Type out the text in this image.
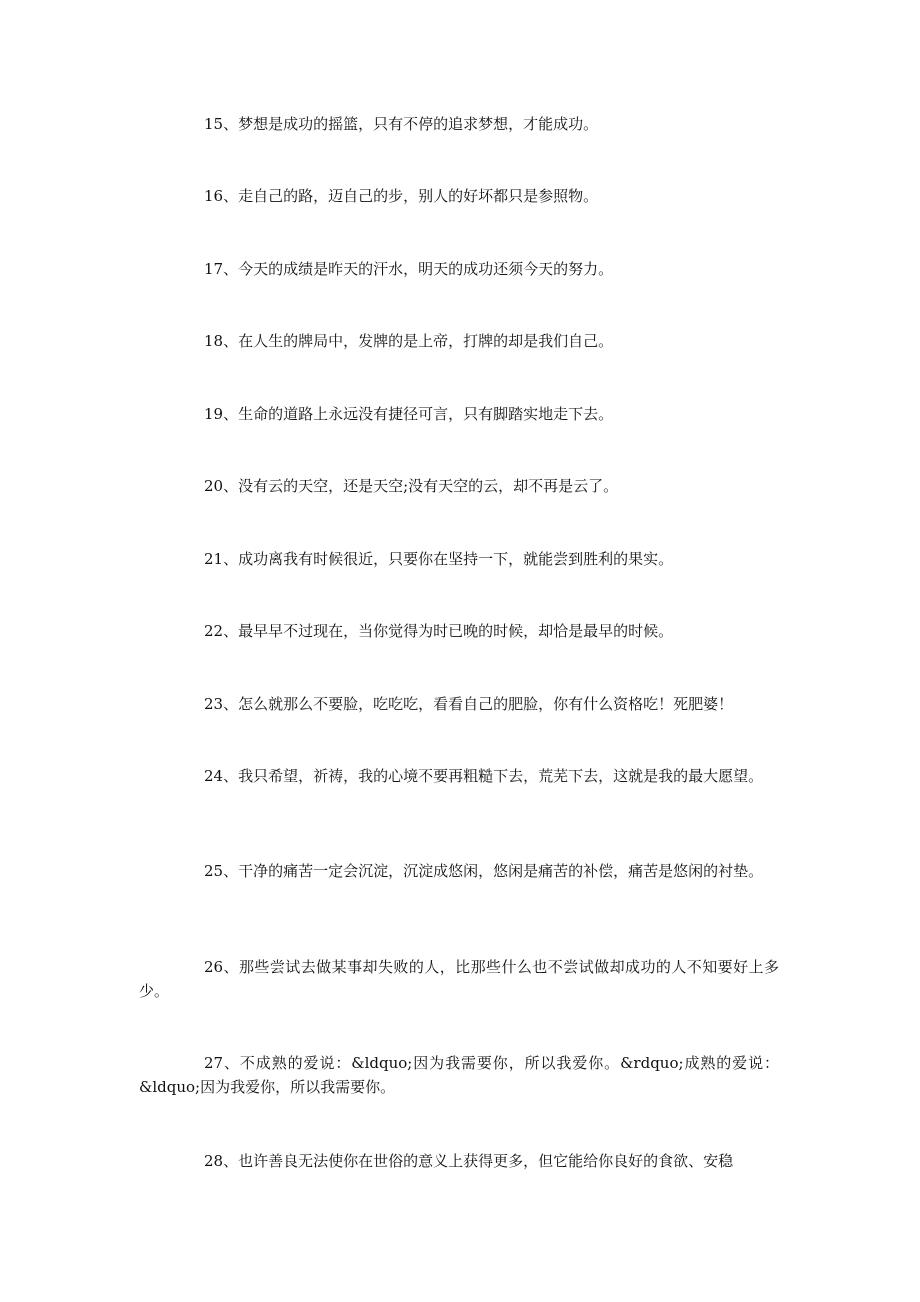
15、梦想是成功的摇篮，只有不停的追求梦想，才能成功。

16、走自己的路，迈自己的步，别人的好坏都只是参照物。

17、今天的成绩是昨天的汗水，明天的成功还须今天的努力。

18、在人生的牌局中，发牌的是上帝，打牌的却是我们自己。

19、生命的道路上永远没有捷径可言，只有脚踏实地走下去。

20、没有云的天空，还是天空;没有天空的云，却不再是云了。

21、成功离我有时候很近，只要你在坚持一下，就能尝到胜利的果实。

22、最早早不过现在，当你觉得为时已晚的时候，却恰是最早的时候。

23、怎么就那么不要脸，吃吃吃，看看自己的肥脸，你有什么资格吃！死肥婆！

24、我只希望，祈祷，我的心境不要再粗糙下去，荒芜下去，这就是我的最大愿望。

25、干净的痛苦一定会沉淀，沉淀成悠闲，悠闲是痛苦的补偿，痛苦是悠闲的衬垫。

26、那些尝试去做某事却失败的人，比那些什么也不尝试做却成功的人不知要好上多少。

27、不成熟的爱说：&ldquo;因为我需要你，所以我爱你。&rdquo;成熟的爱说：&ldquo;因为我爱你，所以我需要你。

28、也许善良无法使你在世俗的意义上获得更多，但它能给你良好的食欲、安稳
